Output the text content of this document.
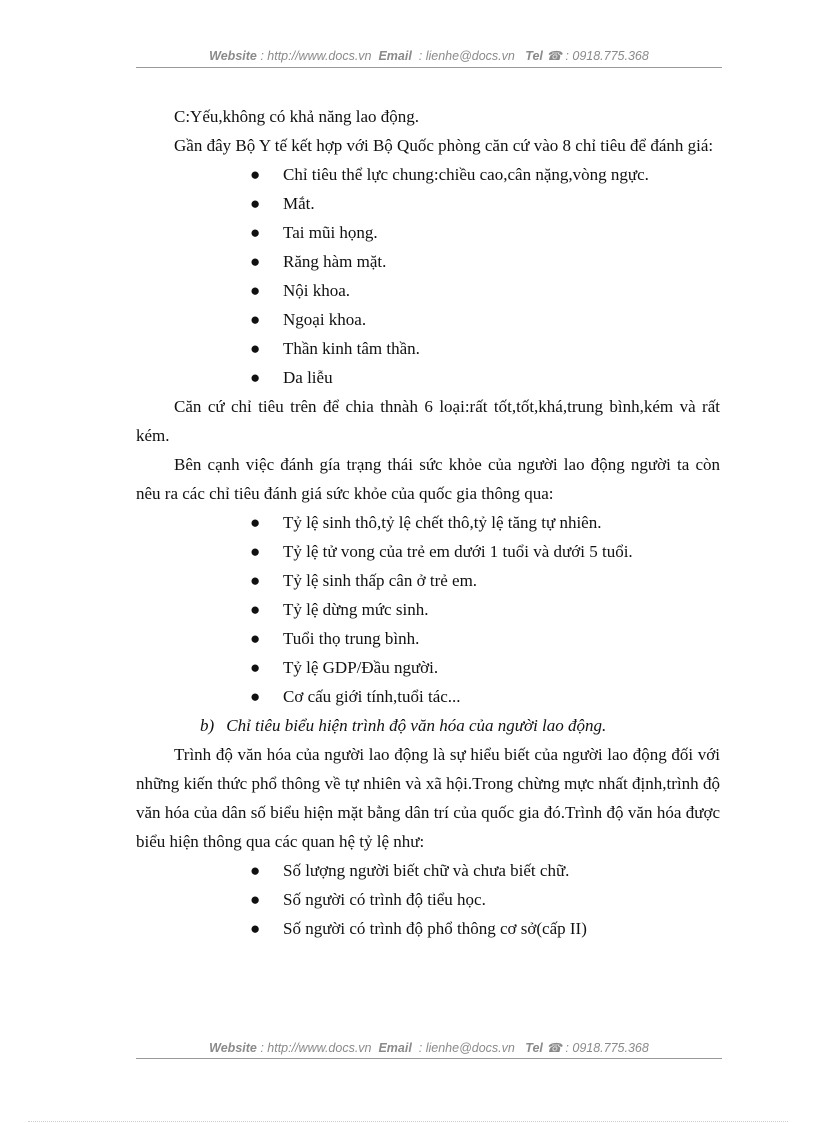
Website : http://www.docs.vn Email  : lienhe@docs.vn Tel ☎ : 0918.775.368

C:Yếu,không có khả năng lao động.

Gần đây Bộ Y tế kết hợp với Bộ Quốc phòng căn cứ vào 8 chỉ tiêu để đánh giá:

● Chỉ tiêu thể lực chung:chiều cao,cân nặng,vòng ngực.
● Mắt.
● Tai mũi họng.
● Răng hàm mặt.
● Nội khoa.
● Ngoại khoa.
● Thần kinh tâm thần.
● Da liễu

Căn cứ chỉ tiêu trên để chia thnàh 6 loại:rất tốt,tốt,khá,trung bình,kém và rất kém.

Bên cạnh việc đánh gía trạng thái sức khỏe của người lao động người ta còn nêu ra các chỉ tiêu đánh giá sức khỏe của quốc gia thông qua:

● Tỷ lệ sinh thô,tỷ lệ chết thô,tỷ lệ tăng tự nhiên.
● Tỷ lệ tử vong của trẻ em dưới 1 tuổi và dưới 5 tuổi.
● Tỷ lệ sinh thấp cân ở trẻ em.
● Tỷ lệ dừng mức sinh.
● Tuổi thọ trung bình.
● Tỷ lệ GDP/Đầu người.
● Cơ cấu giới tính,tuổi tác...

b) Chỉ tiêu biểu hiện trình độ văn hóa của người lao động.

Trình độ văn hóa của người lao động là sự hiểu biết của người lao động đối với những kiến thức phổ thông về tự nhiên và xã hội.Trong chừng mực nhất định,trình độ văn hóa của dân số biểu hiện mặt bằng dân trí của quốc gia đó.Trình độ văn hóa được biểu hiện thông qua các quan hệ tỷ lệ như:

● Số lượng người biết chữ và chưa biết chữ.
● Số người có trình độ tiểu học.
● Số người có trình độ phổ thông cơ sở(cấp II)
Website : http://www.docs.vn Email  : lienhe@docs.vn Tel ☎ : 0918.775.368
